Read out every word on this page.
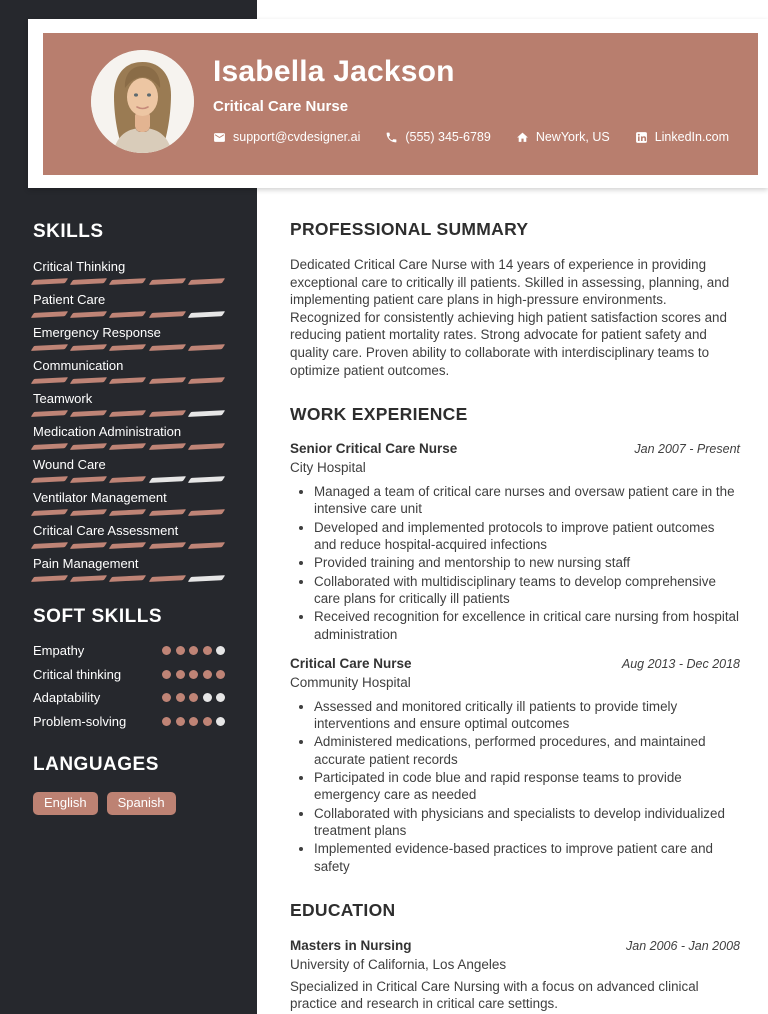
Isabella Jackson
Critical Care Nurse
support@cvdesigner.ai	(555) 345-6789	NewYork, US	LinkedIn.com
SKILLS
Critical Thinking
Patient Care
Emergency Response
Communication
Teamwork
Medication Administration
Wound Care
Ventilator Management
Critical Care Assessment
Pain Management
SOFT SKILLS
Empathy
Critical thinking
Adaptability
Problem-solving
LANGUAGES
English	Spanish
PROFESSIONAL SUMMARY
Dedicated Critical Care Nurse with 14 years of experience in providing exceptional care to critically ill patients. Skilled in assessing, planning, and implementing patient care plans in high-pressure environments. Recognized for consistently achieving high patient satisfaction scores and reducing patient mortality rates. Strong advocate for patient safety and quality care. Proven ability to collaborate with interdisciplinary teams to optimize patient outcomes.
WORK EXPERIENCE
Senior Critical Care Nurse	Jan 2007 - Present
City Hospital
• Managed a team of critical care nurses and oversaw patient care in the intensive care unit
• Developed and implemented protocols to improve patient outcomes and reduce hospital-acquired infections
• Provided training and mentorship to new nursing staff
• Collaborated with multidisciplinary teams to develop comprehensive care plans for critically ill patients
• Received recognition for excellence in critical care nursing from hospital administration
Critical Care Nurse	Aug 2013 - Dec 2018
Community Hospital
• Assessed and monitored critically ill patients to provide timely interventions and ensure optimal outcomes
• Administered medications, performed procedures, and maintained accurate patient records
• Participated in code blue and rapid response teams to provide emergency care as needed
• Collaborated with physicians and specialists to develop individualized treatment plans
• Implemented evidence-based practices to improve patient care and safety
EDUCATION
Masters in Nursing	Jan 2006 - Jan 2008
University of California, Los Angeles
Specialized in Critical Care Nursing with a focus on advanced clinical practice and research in critical care settings.
